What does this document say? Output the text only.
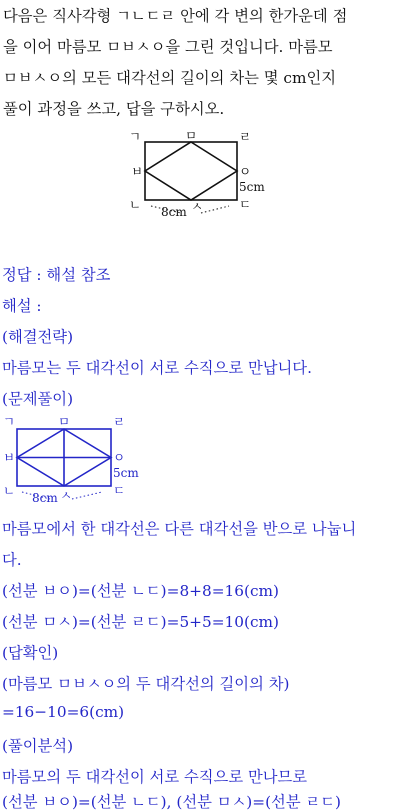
다음은 직사각형 ㄱㄴㄷㄹ 안에 각 변의 한가운데 점
을 이어 마름모 ㅁㅂㅅㅇ을 그린 것입니다. 마름모
ㅁㅂㅅㅇ의 모든 대각선의 길이의 차는 몇 cm인지
풀이 과정을 쓰고, 답을 구하시오.
ㄱ	ㄹ
ㄴ	ㄷ
ㅁ
ㅂ
ㅅ
ㅇ
5cm
8cm
정답 : 해설 참조
해설 :
(해결전략)
마름모는 두 대각선이 서로 수직으로 만납니다.
(문제풀이)
ㄱ	ㄹ
ㄴ	ㄷ
ㅁ
ㅂ
ㅅ
ㅇ
5cm
8cm
마름모에서 한 대각선은 다른 대각선을 반으로 나눕니
다.
(선분 ㅂㅇ)=(선분 ㄴㄷ)=8+8=16(cm)
(선분 ㅁㅅ)=(선분 ㄹㄷ)=5+5=10(cm)
(답확인)
(마름모 ㅁㅂㅅㅇ의 두 대각선의 길이의 차)
=16−10=6(cm)
(풀이분석)
마름모의 두 대각선이 서로 수직으로 만나므로
(선분 ㅂㅇ)=(선분 ㄴㄷ), (선분 ㅁㅅ)=(선분 ㄹㄷ)
